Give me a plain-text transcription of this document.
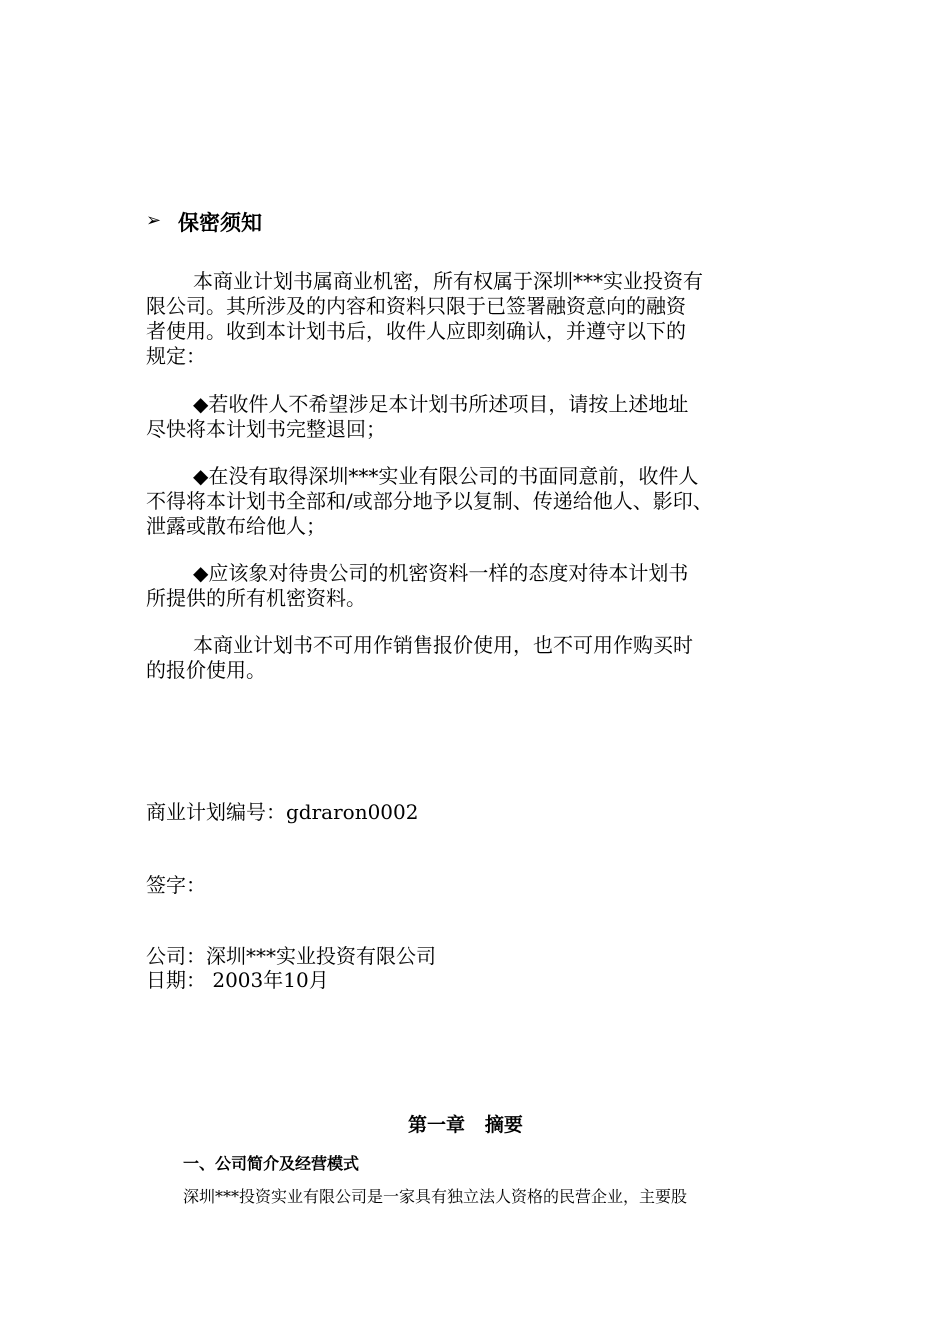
➢ 保密须知
本商业计划书属商业机密，所有权属于深圳***实业投资有
限公司。其所涉及的内容和资料只限于已签署融资意向的融资
者使用。收到本计划书后，收件人应即刻确认，并遵守以下的
规定：
◆若收件人不希望涉足本计划书所述项目，请按上述地址
尽快将本计划书完整退回；
◆在没有取得深圳***实业有限公司的书面同意前，收件人
不得将本计划书全部和/或部分地予以复制、传递给他人、影印、
泄露或散布给他人；
◆应该象对待贵公司的机密资料一样的态度对待本计划书
所提供的所有机密资料。
本商业计划书不可用作销售报价使用，也不可用作购买时
的报价使用。
商业计划编号：gdraron0002
签字：
公司：深圳***实业投资有限公司
日期： 2003年10月
第一章   摘要
一、公司简介及经营模式
深圳***投资实业有限公司是一家具有独立法人资格的民营企业，主要股
